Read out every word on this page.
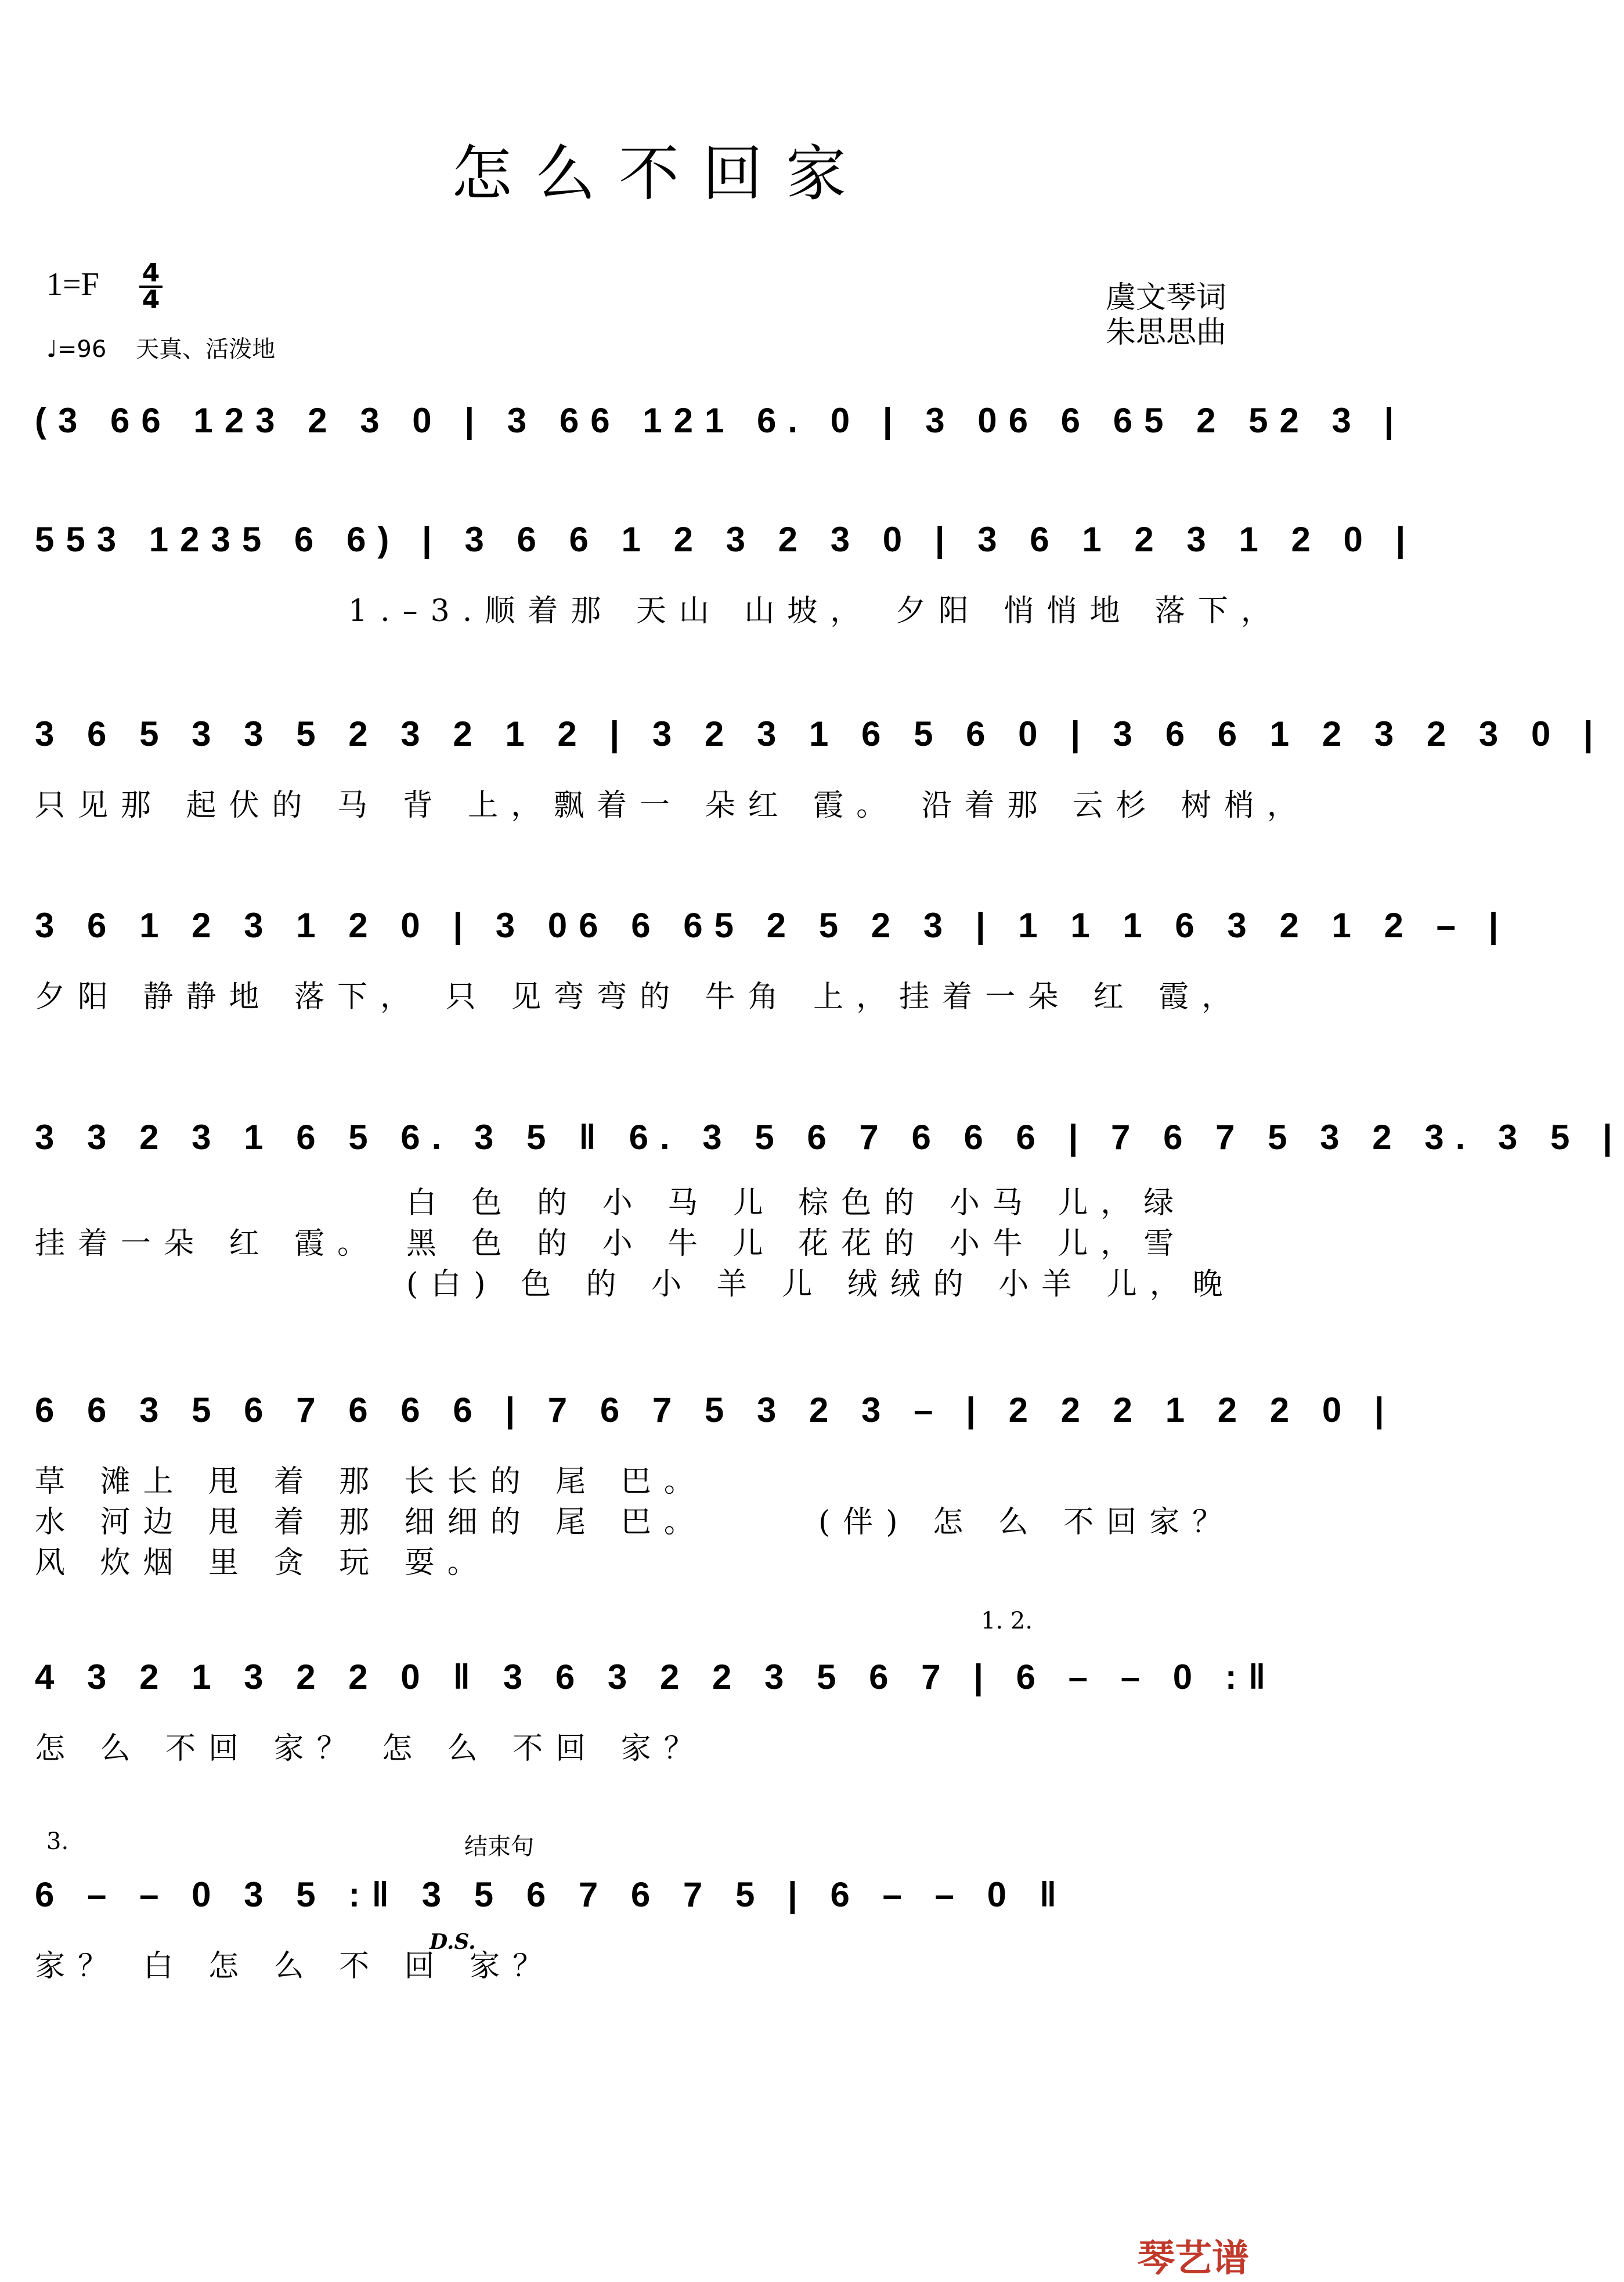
怎么不回家
$1=F \frac{4}{4}$
♩=96 天真、活泼地
虞文琴词
朱思思曲
(3 66 123 2 3 0 | 3 66 121 6. 0 | 3 06 6 65 2 52 3 |
553 1235 6 6) | 3 6 6 1 2 3 2 3 0 | 3 6 1 2 3 1 2 0 |
1.–3.顺着那 天山 山坡， 夕阳 悄悄地 落下，
3 6 5 3 3 5 2 3 2 1 2 | 3 2 3 1 6 5 6 0 | 3 6 6 1 2 3 2 3 0 |
只见那 起伏的 马 背 上，飘着一 朵红 霞。 沿着那 云杉 树梢，
3 6 1 2 3 1 2 0 | 3 06 6 65 2 5 2 3 | 1 1 1 6 3 2 1 2 – |
夕阳 静静地 落下， 只 见弯弯的 牛角 上，挂着一朵 红 霞，
3 3 2 3 1 6 5 6. 3 5 ‖ 6. 3 5 6 7 6 6 6 | 7 6 7 5 3 2 3. 3 5 |
挂着一朵 红 霞。
白 色 的 小 马 儿 棕色的 小马 儿，绿
黑 色 的 小 牛 儿 花花的 小牛 儿，雪
(白) 色 的 小 羊 儿 绒绒的 小羊 儿，晚
6 6 3 5 6 7 6 6 6 | 7 6 7 5 3 2 3 – | 2 2 2 1 2 2 0 |
草 滩上 甩 着 那 长长的 尾 巴。
水 河边 甩 着 那 细细的 尾 巴。
风 炊烟 里 贪 玩 耍。
(伴) 怎 么 不回家？
1. 2.
4 3 2 1 3 2 2 0 ‖ 3 6 3 2 2 3 5 6 7 | 6 – – 0 :‖
怎 么 不回 家？ 怎 么 不回 家？
3.	结束句
6 – – 0 3 5 :‖ 3 5 6 7 6 7 5 | 6 – – 0 ‖
家？ 白 怎 么 不 回 家？
D.S.
琴艺谱
